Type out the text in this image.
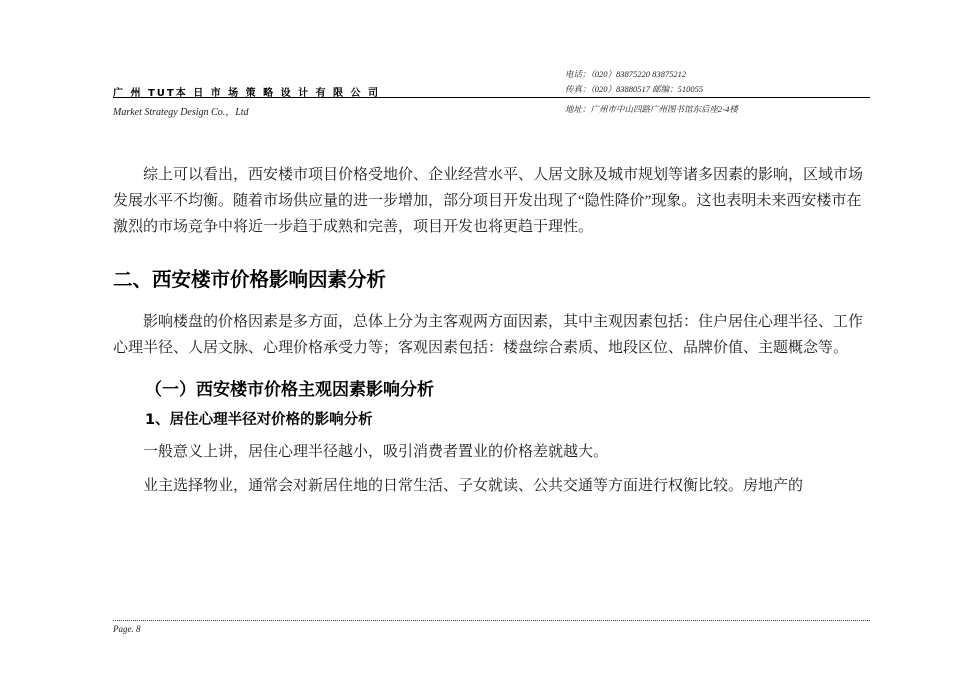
电话：（020）83875220 83875212
传真：（020）83880517 邮编：510055
广 州 TUT本 日 市 场 策 略 设 计 有 限 公 司
Market Strategy Design Co.，Ltd	地址：广州市中山四路广州图书馆东后座2-4楼

综上可以看出，西安楼市项目价格受地价、企业经营水平、人居文脉及城市规划等诸多因素的影响，区域市场发展水平不均衡。随着市场供应量的进一步增加，部分项目开发出现了“隐性降价”现象。这也表明未来西安楼市在激烈的市场竞争中将近一步趋于成熟和完善，项目开发也将更趋于理性。

二、西安楼市价格影响因素分析

影响楼盘的价格因素是多方面，总体上分为主客观两方面因素，其中主观因素包括：住户居住心理半径、工作心理半径、人居文脉、心理价格承受力等；客观因素包括：楼盘综合素质、地段区位、品牌价值、主题概念等。

（一）西安楼市价格主观因素影响分析
1、居住心理半径对价格的影响分析

一般意义上讲，居住心理半径越小，吸引消费者置业的价格差就越大。

业主选择物业，通常会对新居住地的日常生活、子女就读、公共交通等方面进行权衡比较。房地产的

Page. 8
